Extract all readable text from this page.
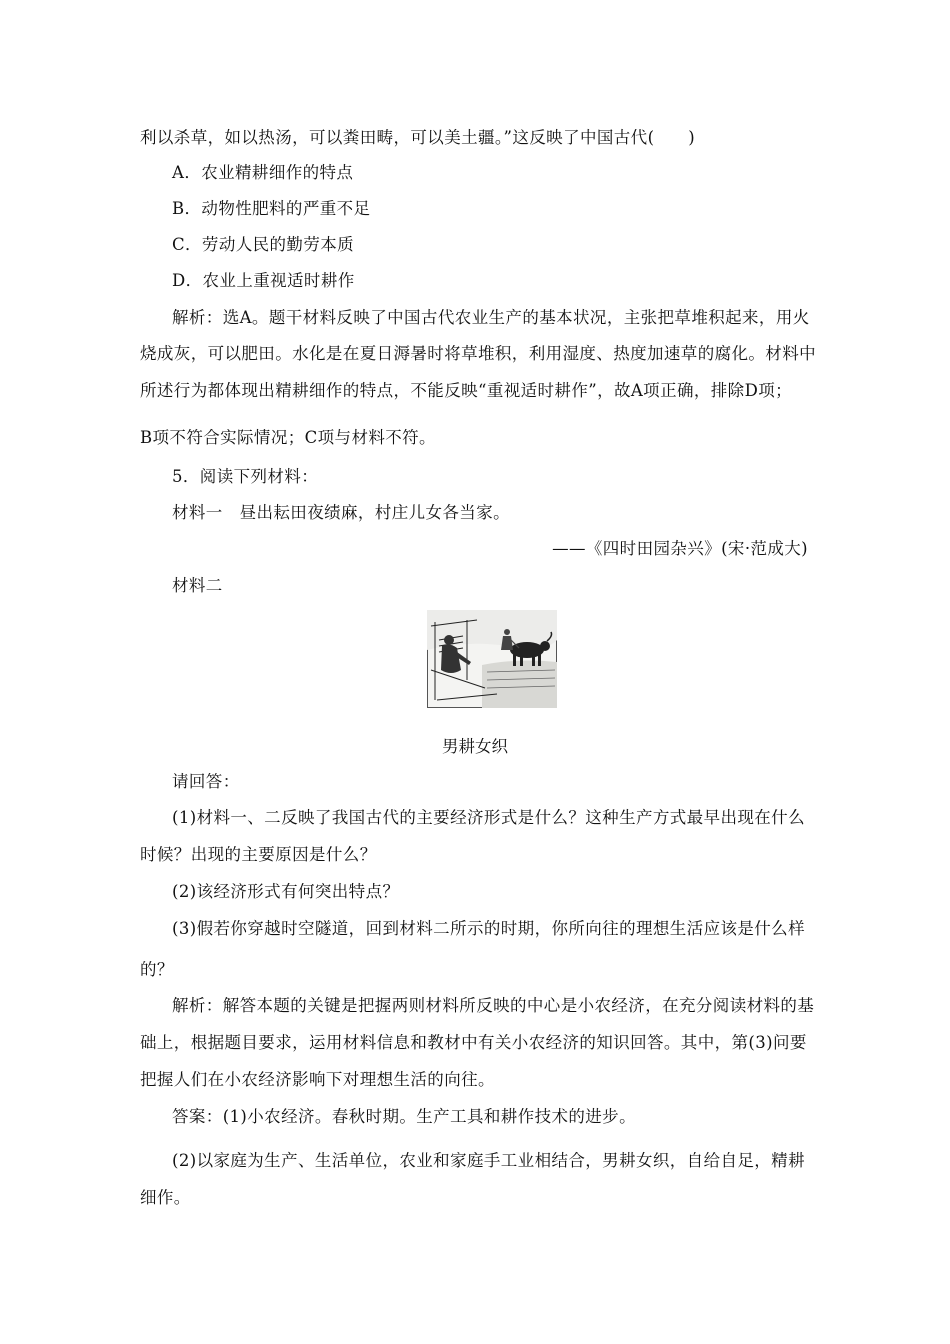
利以杀草，如以热汤，可以粪田畴，可以美土疆。”这反映了中国古代(　　)
A．农业精耕细作的特点
B．动物性肥料的严重不足
C．劳动人民的勤劳本质
D．农业上重视适时耕作
解析：选A。题干材料反映了中国古代农业生产的基本状况，主张把草堆积起来，用火
烧成灰，可以肥田。水化是在夏日溽暑时将草堆积，利用湿度、热度加速草的腐化。材料中
所述行为都体现出精耕细作的特点，不能反映“重视适时耕作”，故A项正确，排除D项；
B项不符合实际情况；C项与材料不符。
5．阅读下列材料：
材料一　昼出耘田夜绩麻，村庄儿女各当家。
——《四时田园杂兴》(宋·范成大)
材料二
男耕女织
请回答：
(1)材料一、二反映了我国古代的主要经济形式是什么？这种生产方式最早出现在什么
时候？出现的主要原因是什么？
(2)该经济形式有何突出特点？
(3)假若你穿越时空隧道，回到材料二所示的时期，你所向往的理想生活应该是什么样
的？
解析：解答本题的关键是把握两则材料所反映的中心是小农经济，在充分阅读材料的基
础上，根据题目要求，运用材料信息和教材中有关小农经济的知识回答。其中，第(3)问要
把握人们在小农经济影响下对理想生活的向往。
答案：(1)小农经济。春秋时期。生产工具和耕作技术的进步。
(2)以家庭为生产、生活单位，农业和家庭手工业相结合，男耕女织，自给自足，精耕
细作。
